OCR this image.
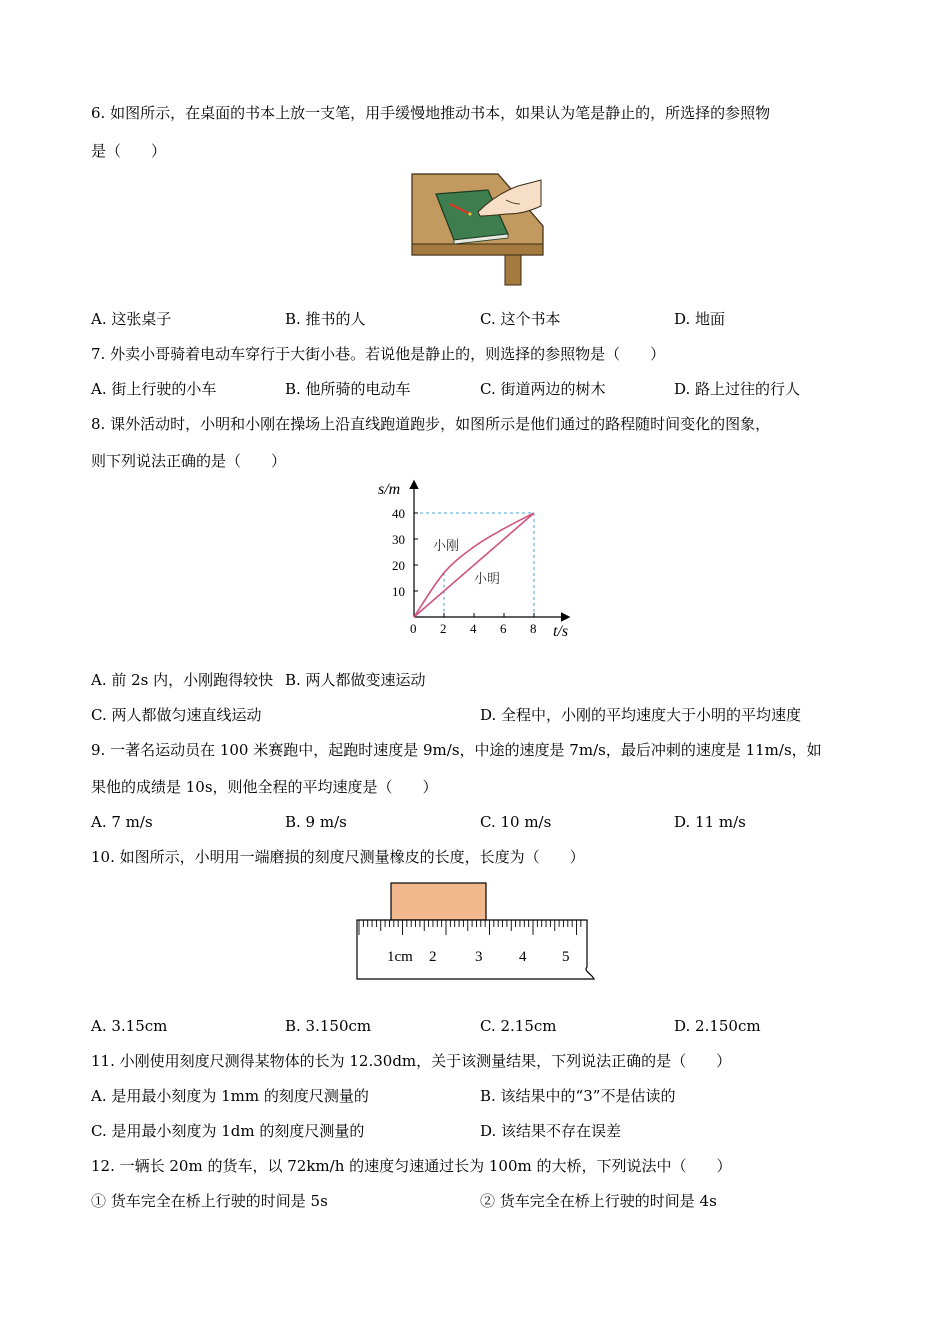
6. 如图所示，在桌面的书本上放一支笔，用手缓慢地推动书本，如果认为笔是静止的，所选择的参照物
是（　　）
A. 这张桌子	B. 推书的人	C. 这个书本	D. 地面
7. 外卖小哥骑着电动车穿行于大街小巷。若说他是静止的，则选择的参照物是（　　）
A. 街上行驶的小车	B. 他所骑的电动车	C. 街道两边的树木	D. 路上过往的行人
8. 课外活动时，小明和小刚在操场上沿直线跑道跑步，如图所示是他们通过的路程随时间变化的图象，
则下列说法正确的是（　　）
0 2 4 6 8
10
20
30
40
s/m
t/s
小刚
小明
A. 前 2s 内，小刚跑得较快 B. 两人都做变速运动
C. 两人都做匀速直线运动	D. 全程中，小刚的平均速度大于小明的平均速度
9. 一著名运动员在 100 米赛跑中，起跑时速度是 9m/s，中途的速度是 7m/s，最后冲刺的速度是 11m/s，如
果他的成绩是 10s，则他全程的平均速度是（　　）
A. 7 m/s	B. 9 m/s	C. 10 m/s	D. 11 m/s
10. 如图所示，小明用一端磨损的刻度尺测量橡皮的长度，长度为（　　）
1cm 2	3 4 5
A. 3.15cm	B. 3.150cm	C. 2.15cm	D. 2.150cm
11. 小刚使用刻度尺测得某物体的长为 12.30dm，关于该测量结果，下列说法正确的是（　　）
A. 是用最小刻度为 1mm 的刻度尺测量的	B. 该结果中的“3”不是估读的
C. 是用最小刻度为 1dm 的刻度尺测量的	D. 该结果不存在误差
12. 一辆长 20m 的货车，以 72km/h 的速度匀速通过长为 100m 的大桥，下列说法中（　　）
① 货车完全在桥上行驶的时间是 5s	② 货车完全在桥上行驶的时间是 4s
